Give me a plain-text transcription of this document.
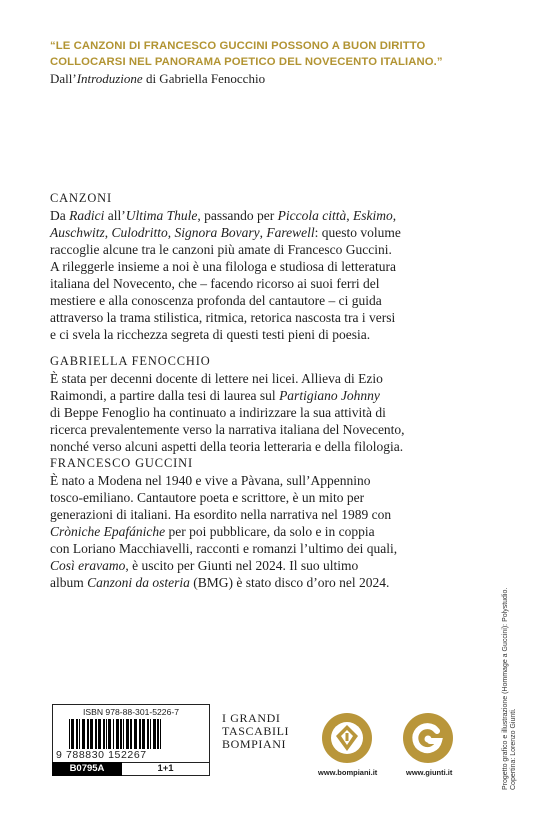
“LE CANZONI DI FRANCESCO GUCCINI POSSONO A BUON DIRITTO
COLLOCARSI NEL PANORAMA POETICO DEL NOVECENTO ITALIANO.”
Dall’Introduzione di Gabriella Fenocchio
CANZONI
Da Radici all’Ultima Thule, passando per Piccola città, Eskimo,
Auschwitz, Culodritto, Signora Bovary, Farewell: questo volume
raccoglie alcune tra le canzoni più amate di Francesco Guccini.
A rileggerle insieme a noi è una filologa e studiosa di letteratura
italiana del Novecento, che – facendo ricorso ai suoi ferri del
mestiere e alla conoscenza profonda del cantautore – ci guida
attraverso la trama stilistica, ritmica, retorica nascosta tra i versi
e ci svela la ricchezza segreta di questi testi pieni di poesia.
GABRIELLA FENOCCHIO
È stata per decenni docente di lettere nei licei. Allieva di Ezio
Raimondi, a partire dalla tesi di laurea sul Partigiano Johnny
di Beppe Fenoglio ha continuato a indirizzare la sua attività di
ricerca prevalentemente verso la narrativa italiana del Novecento,
nonché verso alcuni aspetti della teoria letteraria e della filologia.
FRANCESCO GUCCINI
È nato a Modena nel 1940 e vive a Pàvana, sull’Appennino
tosco-emiliano. Cantautore poeta e scrittore, è un mito per
generazioni di italiani. Ha esordito nella narrativa nel 1989 con
Cròniche Epafániche per poi pubblicare, da solo e in coppia
con Loriano Macchiavelli, racconti e romanzi l’ultimo dei quali,
Così eravamo, è uscito per Giunti nel 2024. Il suo ultimo
album Canzoni da osteria (BMG) è stato disco d’oro nel 2024.
Progetto grafico e illustrazione (Hommage a Guccini): Polystudio. Copertina: Lorenzo Giunti.
ISBN 978-88-301-5226-7
9 788830 152267
B0795A	1+1
I GRANDI
TASCABILI
BOMPIANI
www.bompiani.it	www.giunti.it
